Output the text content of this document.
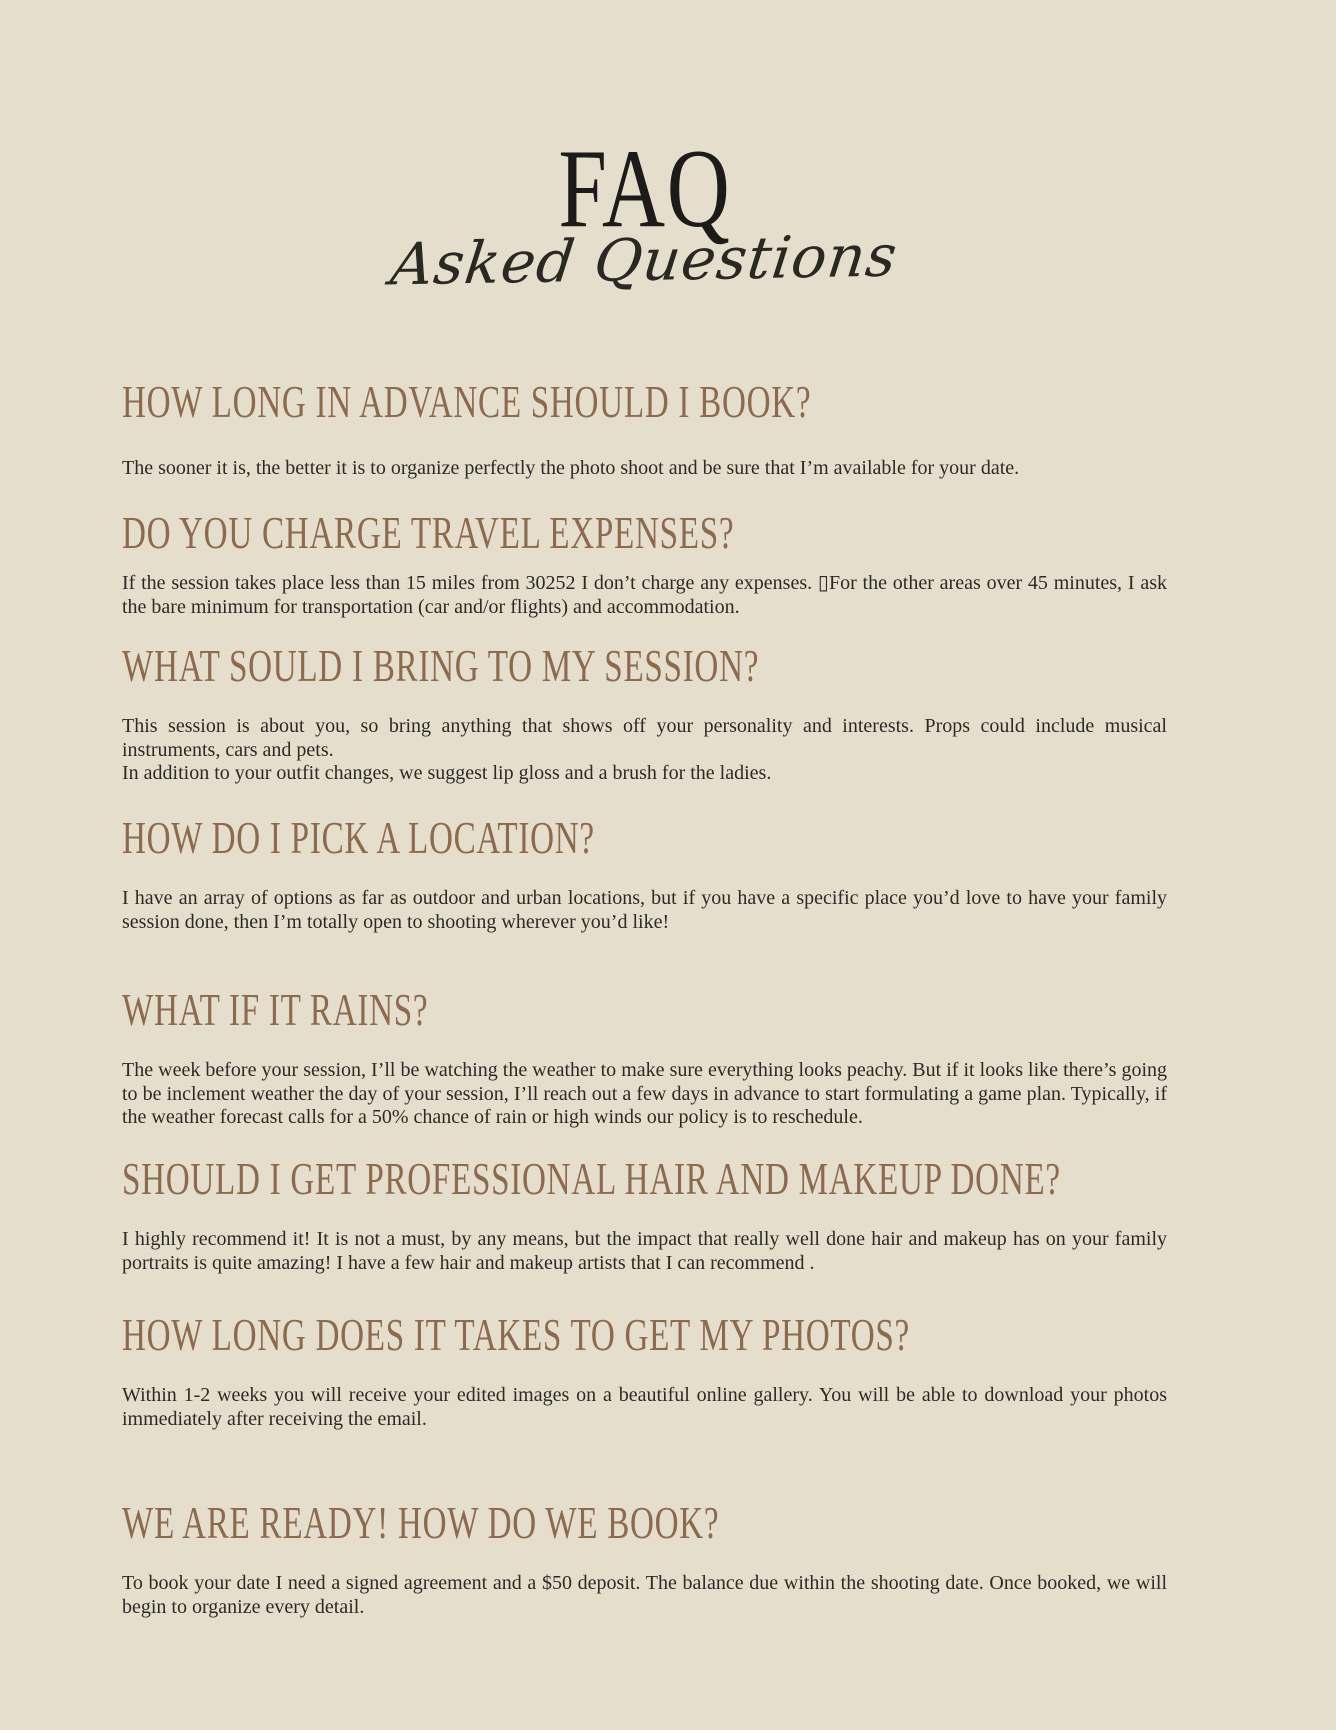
FAQ
Asked Questions
HOW LONG IN ADVANCE SHOULD I BOOK?

The sooner it is, the better it is to organize perfectly the photo shoot and be sure that I’m available for your date.

DO YOU CHARGE TRAVEL EXPENSES?

If the session takes place less than 15 miles from 30252 I don’t charge any expenses. ▯For the other areas over 45 minutes, I ask the bare minimum for transportation (car and/or flights) and accommodation.

WHAT SOULD I BRING TO MY SESSION?

This session is about you, so bring anything that shows off your personality and interests. Props could include musical instruments, cars and pets.

In addition to your outfit changes, we suggest lip gloss and a brush for the ladies.

HOW DO I PICK A LOCATION?

I have an array of options as far as outdoor and urban locations, but if you have a specific place you’d love to have your family session done, then I’m totally open to shooting wherever you’d like!

WHAT IF IT RAINS?

The week before your session, I’ll be watching the weather to make sure everything looks peachy. But if it looks like there’s going to be inclement weather the day of your session, I’ll reach out a few days in advance to start formulating a game plan. Typically, if the weather forecast calls for a 50% chance of rain or high winds our policy is to reschedule.

SHOULD I GET PROFESSIONAL HAIR AND MAKEUP DONE?

I highly recommend it! It is not a must, by any means, but the impact that really well done hair and makeup has on your family portraits is quite amazing! I have a few hair and makeup artists that I can recommend .

HOW LONG DOES IT TAKES TO GET MY PHOTOS?

Within 1-2 weeks you will receive your edited images on a beautiful online gallery. You will be able to download your photos immediately after receiving the email.

WE ARE READY! HOW DO WE BOOK?

To book your date I need a signed agreement and a $50 deposit. The balance due within the shooting date. Once booked, we will begin to organize every detail.
